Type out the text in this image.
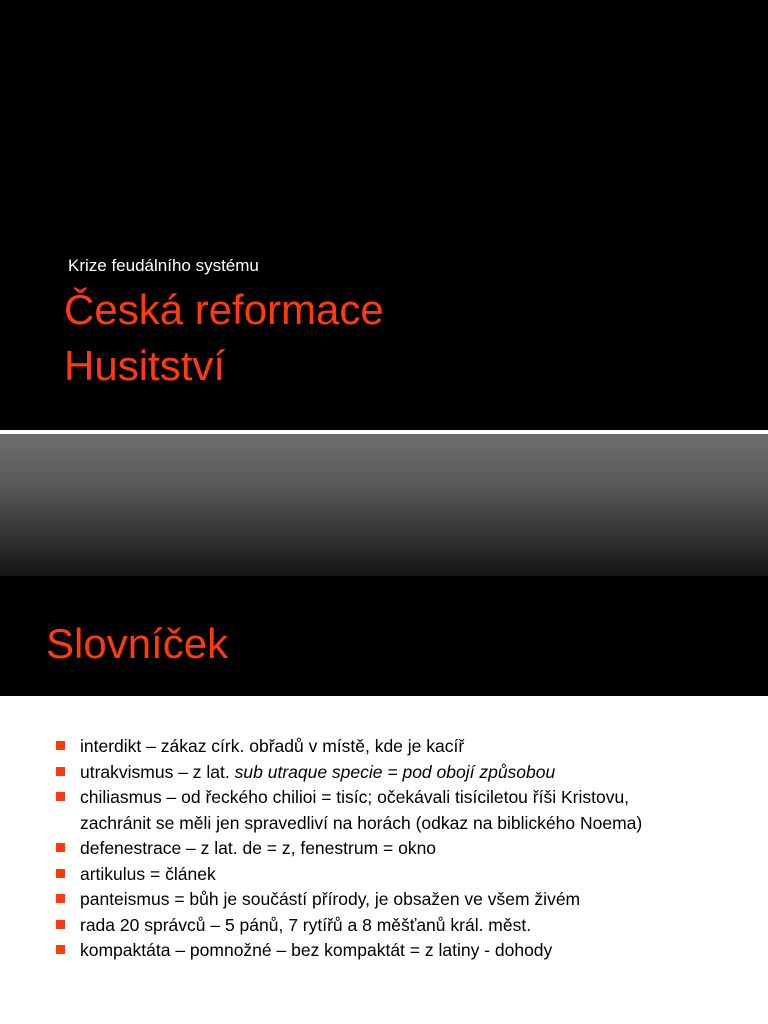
Krize feudálního systému
Česká reformace
Husitství
Slovníček
interdikt – zákaz círk. obřadů v místě, kde je kacíř
utrakvismus – z lat. sub utraque specie = pod obojí způsobou
chiliasmus – od řeckého chilioi = tisíc; očekávali tisíciletou říši Kristovu,
zachránit se měli jen spravedliví na horách (odkaz na biblického Noema)
defenestrace – z lat. de = z, fenestrum = okno
artikulus = článek
panteismus = bůh je součástí přírody, je obsažen ve všem živém
rada 20 správců – 5 pánů, 7 rytířů a 8 měšťanů král. měst.
kompaktáta – pomnožné – bez kompaktát = z latiny - dohody
